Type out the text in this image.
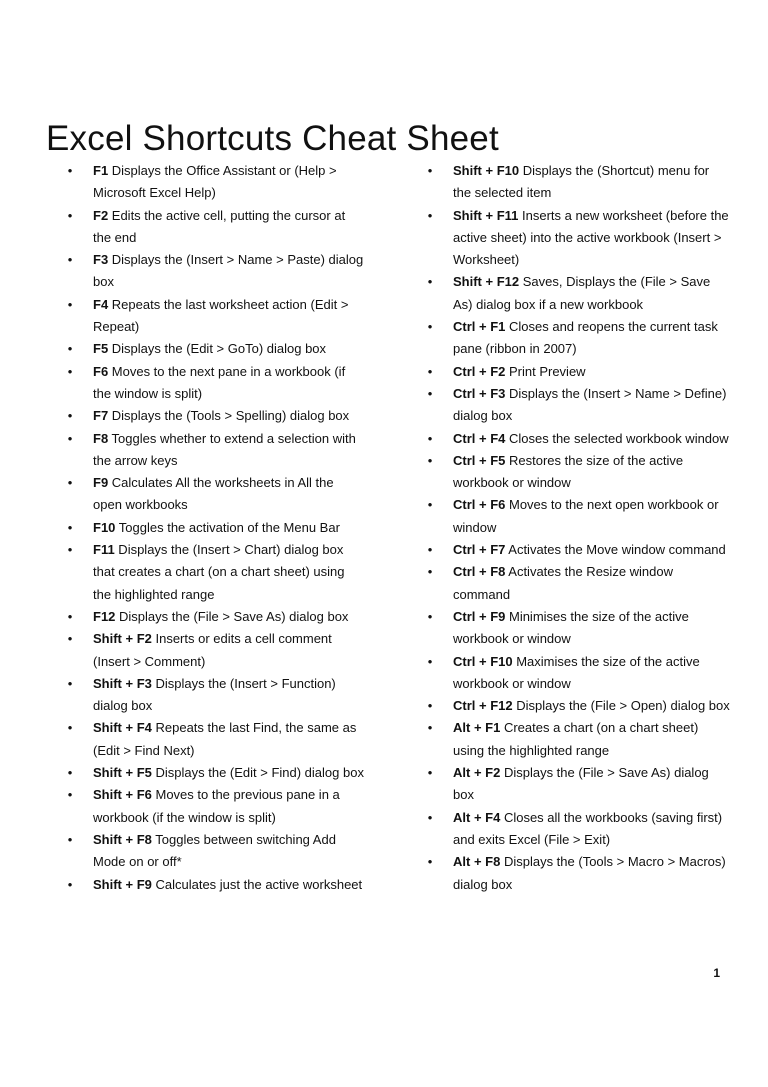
Excel Shortcuts Cheat Sheet
• F1 Displays the Office Assistant or (Help > Microsoft Excel Help)
• F2 Edits the active cell, putting the cursor at the end
• F3 Displays the (Insert > Name > Paste) dialog box
• F4 Repeats the last worksheet action (Edit > Repeat)
• F5 Displays the (Edit > GoTo) dialog box
• F6 Moves to the next pane in a workbook (if the window is split)
• F7 Displays the (Tools > Spelling) dialog box
• F8 Toggles whether to extend a selection with the arrow keys
• F9 Calculates All the worksheets in All the open workbooks
• F10 Toggles the activation of the Menu Bar
• F11 Displays the (Insert > Chart) dialog box that creates a chart (on a chart sheet) using the highlighted range
• F12 Displays the (File > Save As) dialog box
• Shift + F2 Inserts or edits a cell comment (Insert > Comment)
• Shift + F3 Displays the (Insert > Function) dialog box
• Shift + F4 Repeats the last Find, the same as (Edit > Find Next)
• Shift + F5 Displays the (Edit > Find) dialog box
• Shift + F6 Moves to the previous pane in a workbook (if the window is split)
• Shift + F8 Toggles between switching Add Mode on or off*
• Shift + F9 Calculates just the active worksheet
• Shift + F10 Displays the (Shortcut) menu for the selected item
• Shift + F11 Inserts a new worksheet (before the active sheet) into the active workbook (Insert > Worksheet)
• Shift + F12 Saves, Displays the (File > Save As) dialog box if a new workbook
• Ctrl + F1 Closes and reopens the current task pane (ribbon in 2007)
• Ctrl + F2 Print Preview
• Ctrl + F3 Displays the (Insert > Name > Define) dialog box
• Ctrl + F4 Closes the selected workbook window
• Ctrl + F5 Restores the size of the active workbook or window
• Ctrl + F6 Moves to the next open workbook or window
• Ctrl + F7 Activates the Move window command
• Ctrl + F8 Activates the Resize window command
• Ctrl + F9 Minimises the size of the active workbook or window
• Ctrl + F10 Maximises the size of the active workbook or window
• Ctrl + F12 Displays the (File > Open) dialog box
• Alt + F1 Creates a chart (on a chart sheet) using the highlighted range
• Alt + F2 Displays the (File > Save As) dialog box
• Alt + F4 Closes all the workbooks (saving first) and exits Excel (File > Exit)
• Alt + F8 Displays the (Tools > Macro > Macros) dialog box
1
